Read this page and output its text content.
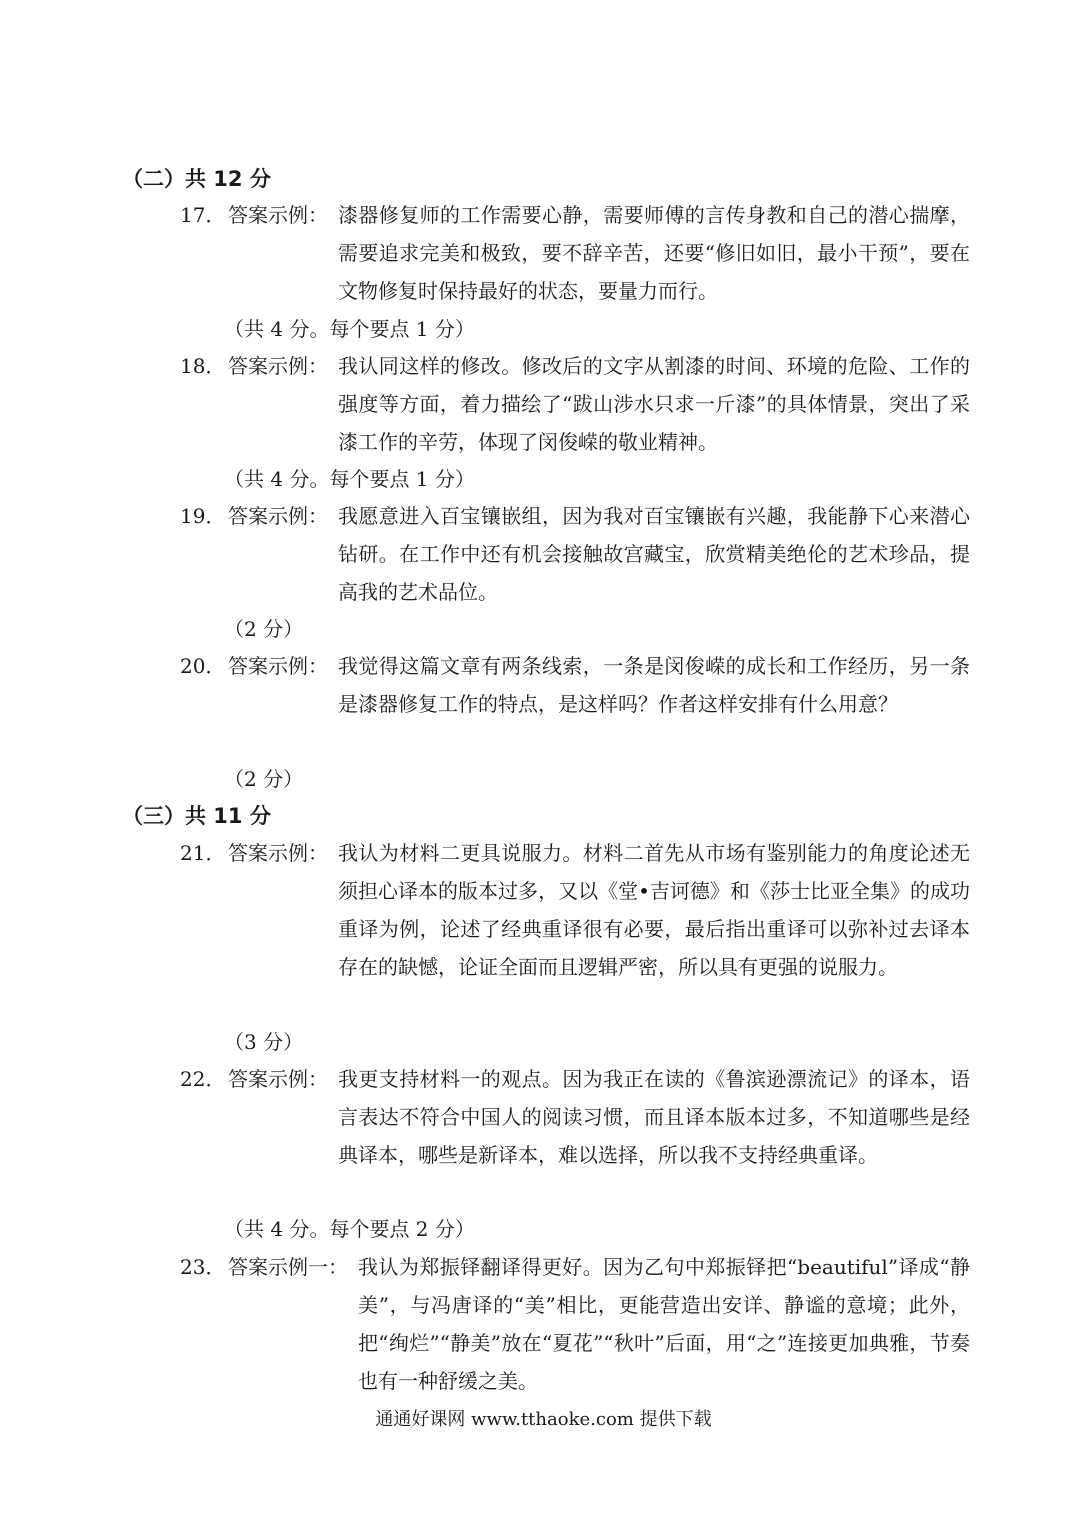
（二）共 12 分
17． 答案示例： 漆器修复师的工作需要心静，需要师傅的言传身教和自己的潜心揣摩，需要追求完美和极致，要不辞辛苦，还要“修旧如旧，最小干预”，要在文物修复时保持最好的状态，要量力而行。
（共 4 分。每个要点 1 分）
18． 答案示例： 我认同这样的修改。修改后的文字从割漆的时间、环境的危险、工作的强度等方面，着力描绘了“跋山涉水只求一斤漆”的具体情景，突出了采漆工作的辛劳，体现了闵俊嵘的敬业精神。
（共 4 分。每个要点 1 分）
19． 答案示例： 我愿意进入百宝镶嵌组，因为我对百宝镶嵌有兴趣，我能静下心来潜心钻研。在工作中还有机会接触故宫藏宝，欣赏精美绝伦的艺术珍品，提高我的艺术品位。
（2 分）
20． 答案示例： 我觉得这篇文章有两条线索，一条是闵俊嵘的成长和工作经历，另一条是漆器修复工作的特点，是这样吗？作者这样安排有什么用意？
（2 分）
（三）共 11 分
21． 答案示例： 我认为材料二更具说服力。材料二首先从市场有鉴别能力的角度论述无须担心译本的版本过多，又以《堂•吉诃德》和《莎士比亚全集》的成功重译为例，论述了经典重译很有必要，最后指出重译可以弥补过去译本存在的缺憾，论证全面而且逻辑严密，所以具有更强的说服力。
（3 分）
22． 答案示例： 我更支持材料一的观点。因为我正在读的《鲁滨逊漂流记》的译本，语言表达不符合中国人的阅读习惯，而且译本版本过多，不知道哪些是经典译本，哪些是新译本，难以选择，所以我不支持经典重译。
（共 4 分。每个要点 2 分）
23． 答案示例一： 我认为郑振铎翻译得更好。因为乙句中郑振铎把“beautiful”译成“静美”，与冯唐译的“美”相比，更能营造出安详、静谧的意境；此外，把“绚烂”“静美”放在“夏花”“秋叶”后面，用“之”连接更加典雅，节奏也有一种舒缓之美。
通通好课网 www.tthaoke.com 提供下载
